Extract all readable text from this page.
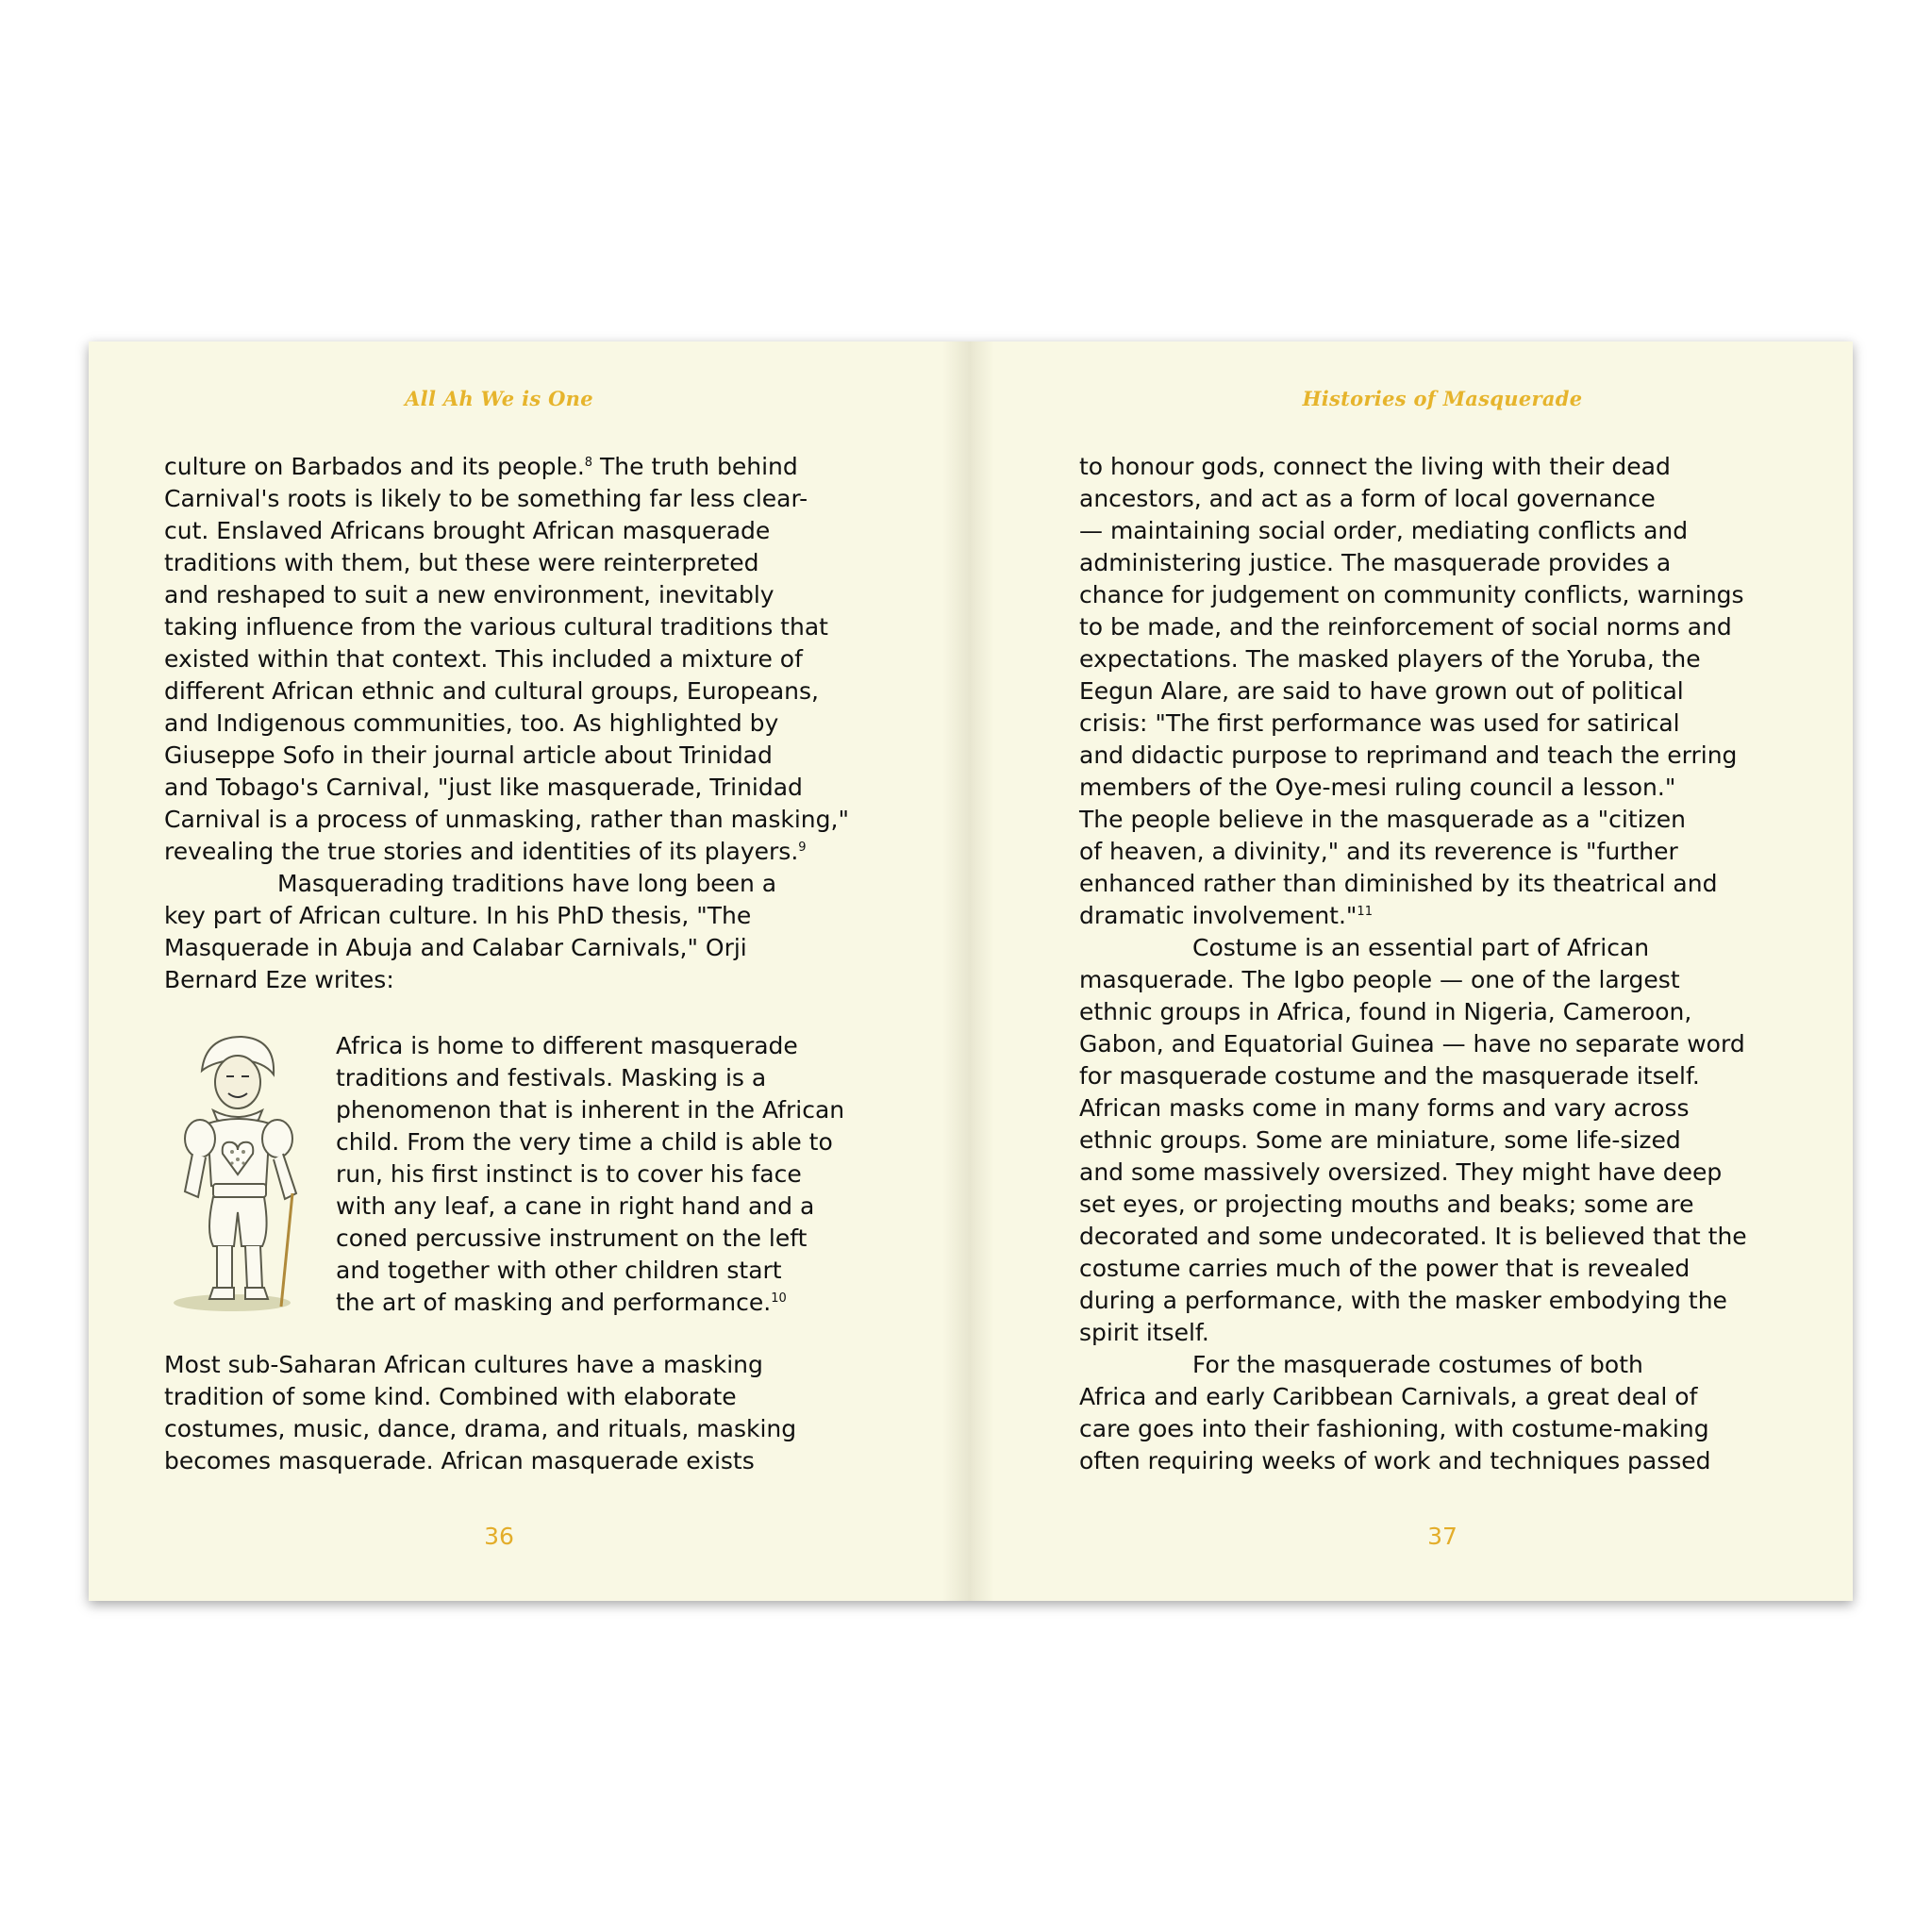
All Ah We is One
culture on Barbados and its people.$^8$ The truth behind
Carnival's roots is likely to be something far less clear-
cut. Enslaved Africans brought African masquerade
traditions with them, but these were reinterpreted
and reshaped to suit a new environment, inevitably
taking influence from the various cultural traditions that
existed within that context. This included a mixture of
different African ethnic and cultural groups, Europeans,
and Indigenous communities, too. As highlighted by
Giuseppe Sofo in their journal article about Trinidad
and Tobago's Carnival, "just like masquerade, Trinidad
Carnival is a process of unmasking, rather than masking,"
revealing the true stories and identities of its players.$^9$
Masquerading traditions have long been a
key part of African culture. In his PhD thesis, "The
Masquerade in Abuja and Calabar Carnivals," Orji
Bernard Eze writes:
Africa is home to different masquerade
traditions and festivals. Masking is a
phenomenon that is inherent in the African
child. From the very time a child is able to
run, his first instinct is to cover his face
with any leaf, a cane in right hand and a
coned percussive instrument on the left
and together with other children start
the art of masking and performance.$^{10}$
Most sub-Saharan African cultures have a masking
tradition of some kind. Combined with elaborate
costumes, music, dance, drama, and rituals, masking
becomes masquerade. African masquerade exists
36
Histories of Masquerade
to honour gods, connect the living with their dead
ancestors, and act as a form of local governance
— maintaining social order, mediating conflicts and
administering justice. The masquerade provides a
chance for judgement on community conflicts, warnings
to be made, and the reinforcement of social norms and
expectations. The masked players of the Yoruba, the
Eegun Alare, are said to have grown out of political
crisis: "The first performance was used for satirical
and didactic purpose to reprimand and teach the erring
members of the Oye-mesi ruling council a lesson."
The people believe in the masquerade as a "citizen
of heaven, a divinity," and its reverence is "further
enhanced rather than diminished by its theatrical and
dramatic involvement."$^{11}$
Costume is an essential part of African
masquerade. The Igbo people — one of the largest
ethnic groups in Africa, found in Nigeria, Cameroon,
Gabon, and Equatorial Guinea — have no separate word
for masquerade costume and the masquerade itself.
African masks come in many forms and vary across
ethnic groups. Some are miniature, some life-sized
and some massively oversized. They might have deep
set eyes, or projecting mouths and beaks; some are
decorated and some undecorated. It is believed that the
costume carries much of the power that is revealed
during a performance, with the masker embodying the
spirit itself.
For the masquerade costumes of both
Africa and early Caribbean Carnivals, a great deal of
care goes into their fashioning, with costume-making
often requiring weeks of work and techniques passed
37
